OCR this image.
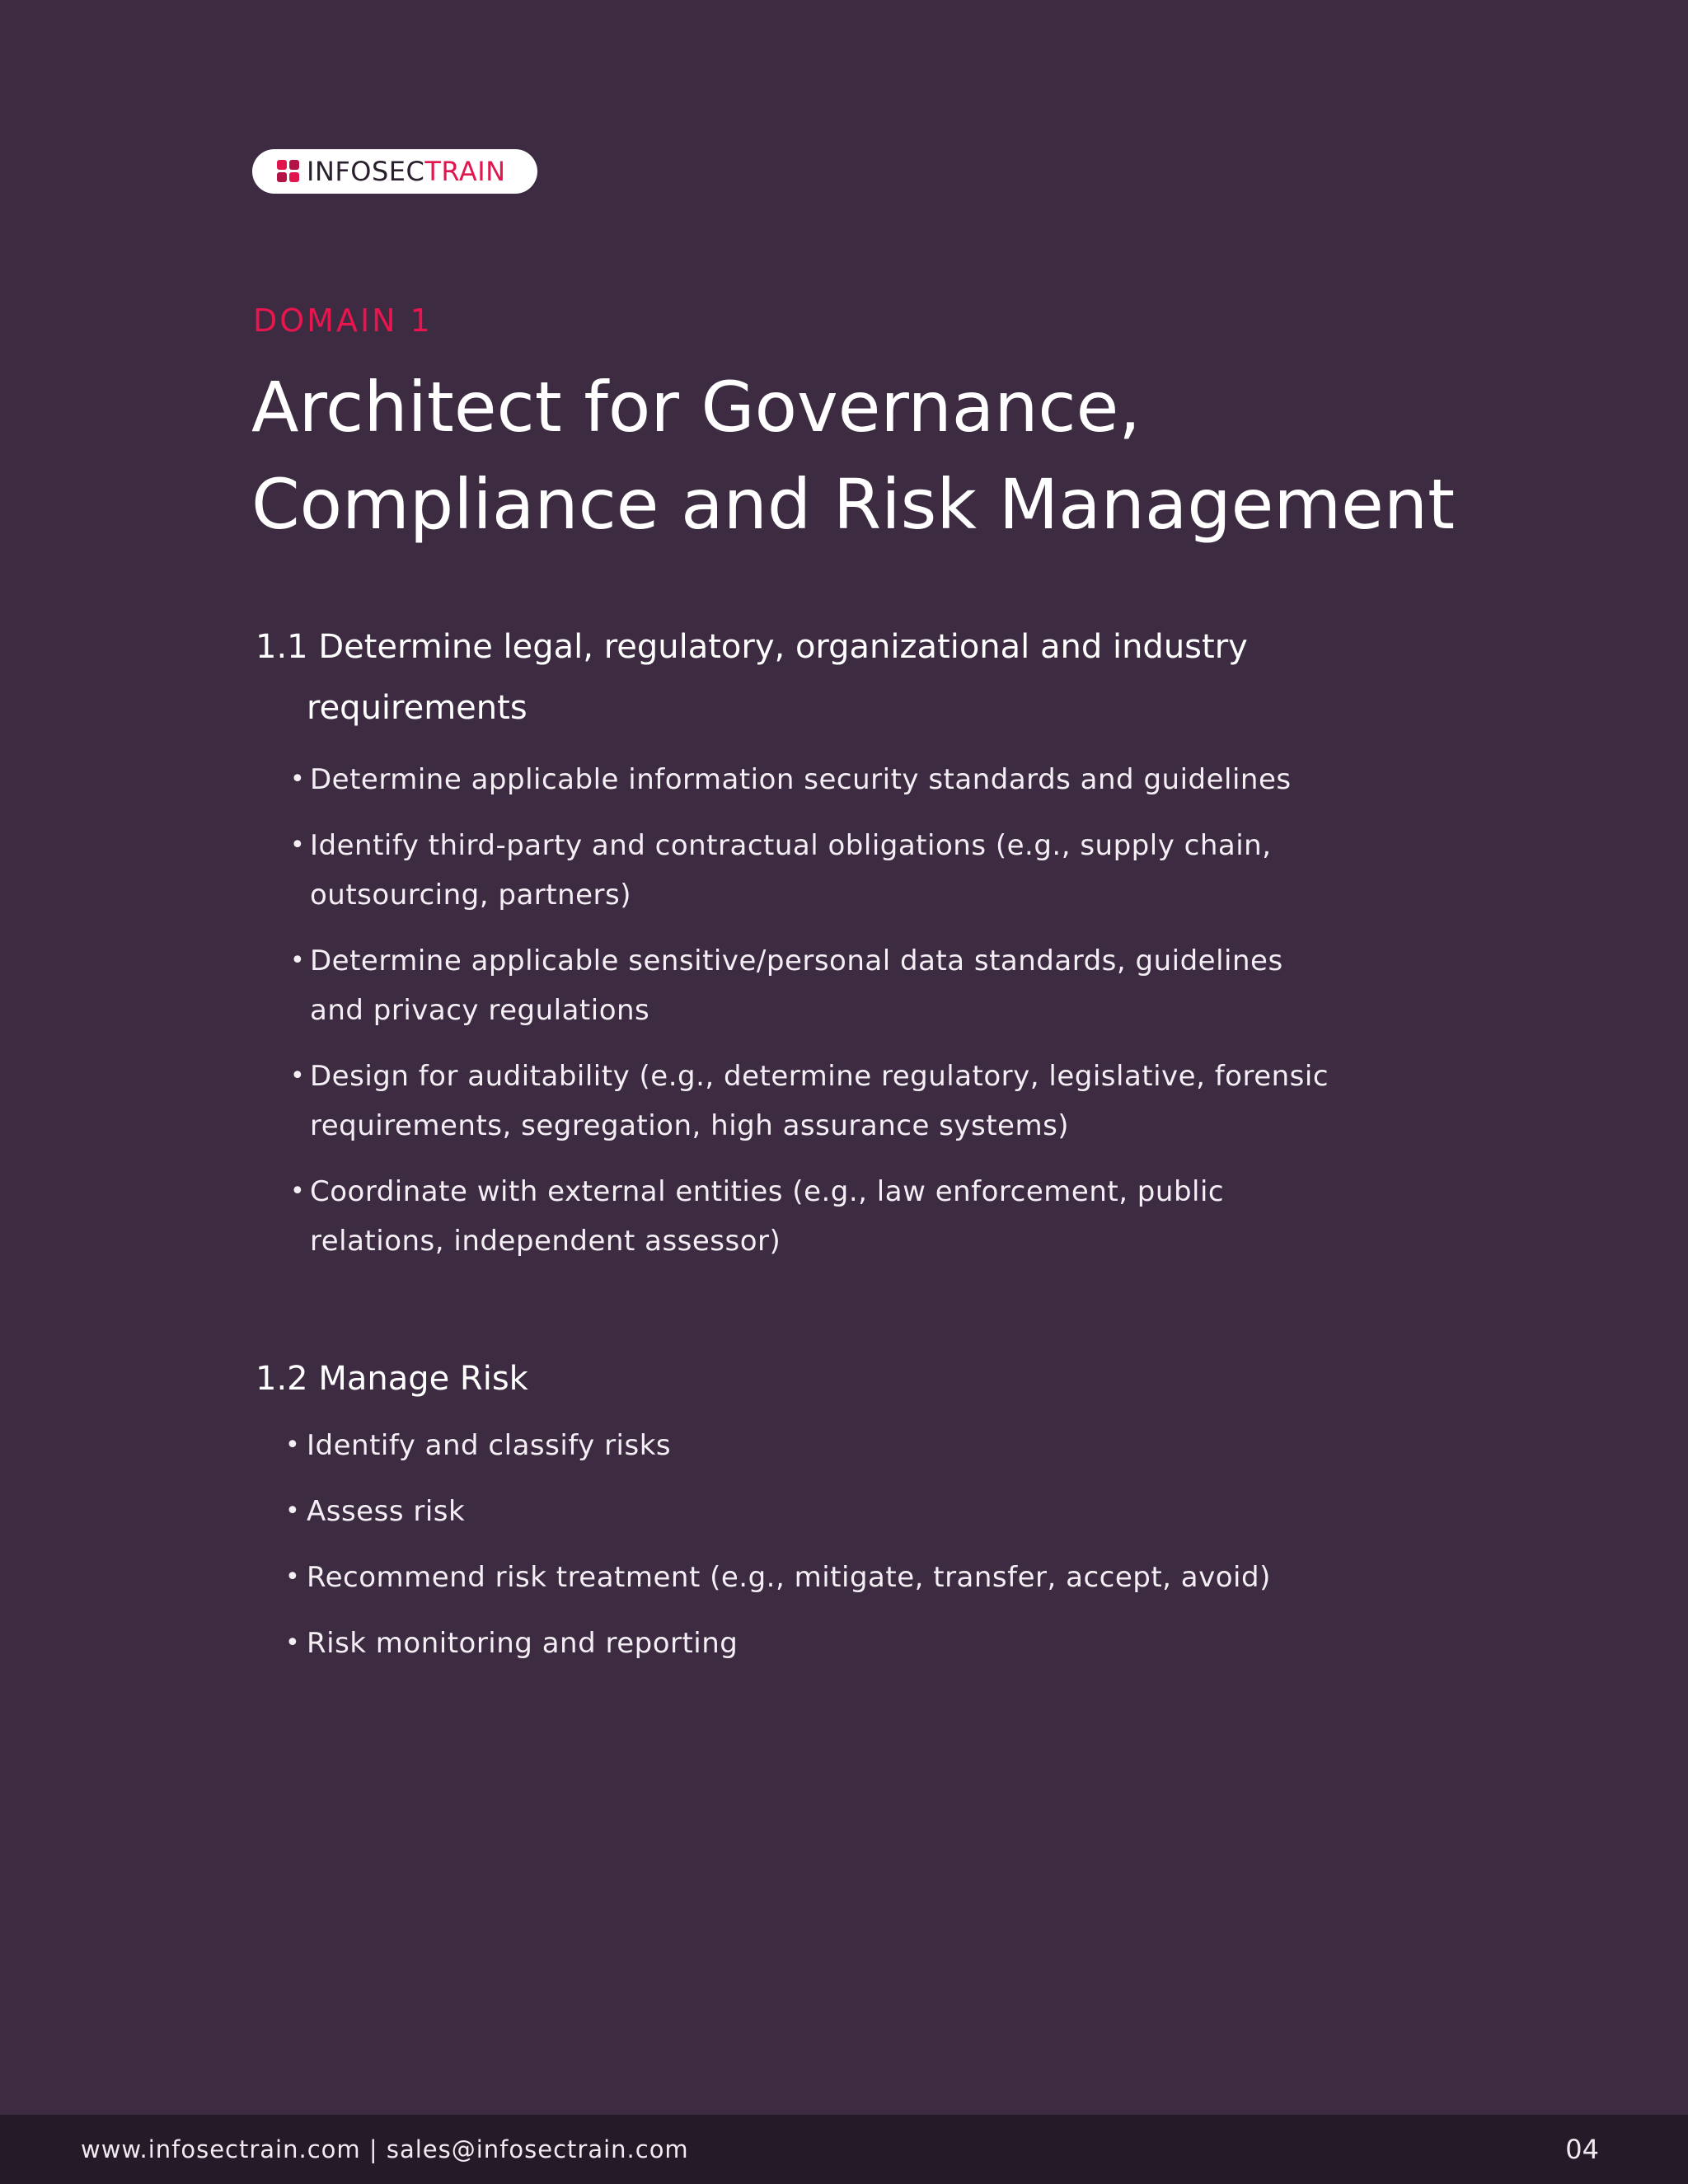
INFOSECTRAIN
DOMAIN 1
Architect for Governance,
Compliance and Risk Management
1.1 Determine legal, regulatory, organizational and industry
requirements
• Determine applicable information security standards and guidelines
• Identify third-party and contractual obligations (e.g., supply chain,
outsourcing, partners)
• Determine applicable sensitive/personal data standards, guidelines
and privacy regulations
• Design for auditability (e.g., determine regulatory, legislative, forensic
requirements, segregation, high assurance systems)
• Coordinate with external entities (e.g., law enforcement, public
relations, independent assessor)
1.2 Manage Risk
• Identify and classify risks
• Assess risk
• Recommend risk treatment (e.g., mitigate, transfer, accept, avoid)
• Risk monitoring and reporting
www.infosectrain.com | sales@infosectrain.com	04
